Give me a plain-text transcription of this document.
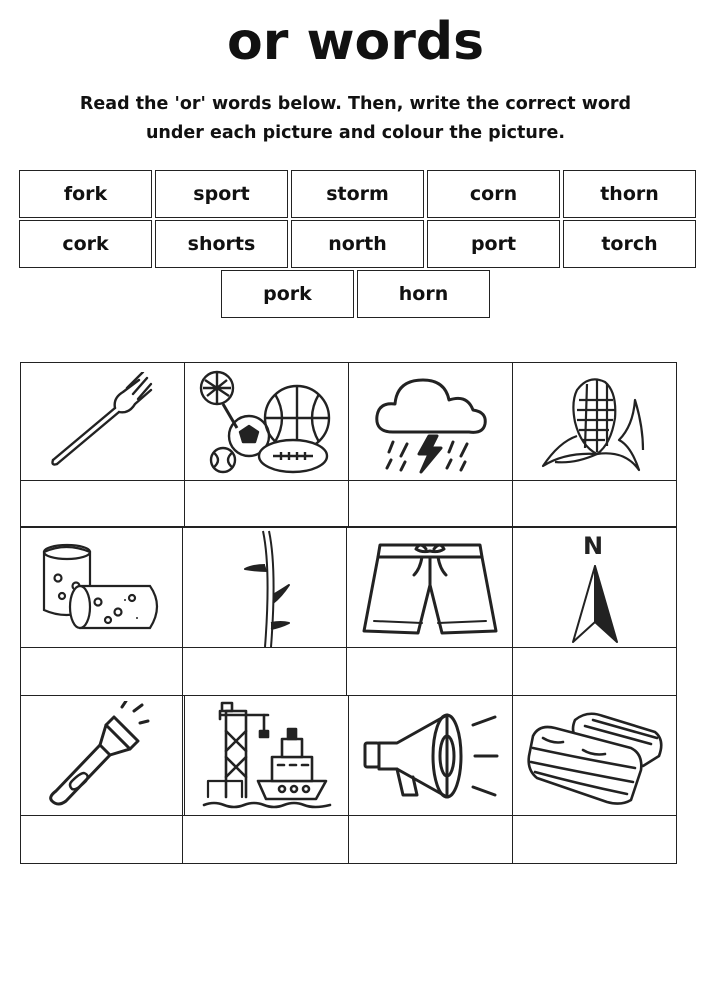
or words
Read the 'or' words below. Then, write the correct word
under each picture and colour the picture.
fork	sport	storm	corn	thorn
cork	shorts	north	port	torch
pork	horn
N
